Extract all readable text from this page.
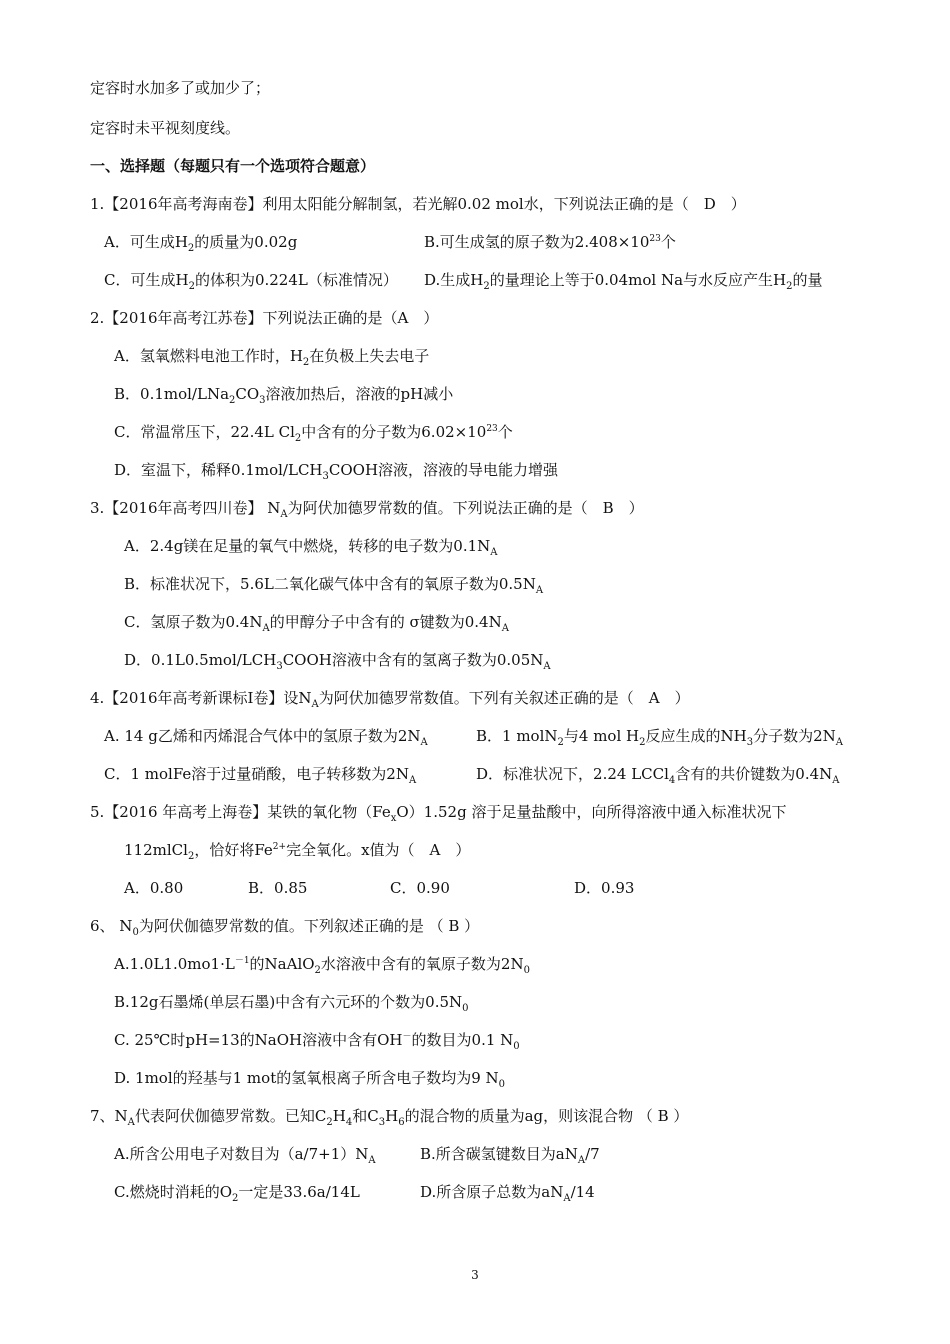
定容时水加多了或加少了；
定容时未平视刻度线。
一、选择题（每题只有一个选项符合题意）
1.【2016年高考海南卷】利用太阳能分解制氢，若光解0.02 mol水，下列说法正确的是（　D　）
A．可生成$H_2$的质量为0.02g	B.可生成氢的原子数为$2.408\times 10^{23}$个
C．可生成$H_2$的体积为0.224L（标准情况） D.生成$H_2$的量理论上等于0.04mol Na与水反应产生$H_2$的量
2.【2016年高考江苏卷】下列说法正确的是（A　）
A．氢氧燃料电池工作时，$H_2$在负极上失去电子
B．$0.1mol/LNa_2CO_3$溶液加热后，溶液的pH减小
C．常温常压下，22.4L $Cl_2$中含有的分子数为$6.02\times 10^{23}$个
D．室温下，稀释$0.1mol/LCH_3COOH$溶液，溶液的导电能力增强
3.【2016年高考四川卷】 $N_A$为阿伏加德罗常数的值。下列说法正确的是（　B　）
A．2.4g镁在足量的氧气中燃烧，转移的电子数为$0.1N_A$
B．标准状况下，5.6L二氧化碳气体中含有的氧原子数为$0.5N_A$
C．氢原子数为$0.4N_A$的甲醇分子中含有的 σ键数为$0.4N_A$
D．$0.1L0.5mol/LCH_3COOH$溶液中含有的氢离子数为$0.05N_A$
4.【2016年高考新课标Ⅰ卷】设$N_A$为阿伏加德罗常数值。下列有关叙述正确的是（　A　）
A. 14 g乙烯和丙烯混合气体中的氢原子数为$2N_A$	B．1 molN$_2$与4 mol $H_2$反应生成的$NH_3$分子数为$2N_A$
C．1 molFe溶于过量硝酸，电子转移数为$2N_A$	D．标准状况下，2.24 LCCl$_4$含有的共价键数为$0.4N_A$
5.【2016 年高考上海卷】某铁的氧化物$(Fe_xO)1.52g$ 溶于足量盐酸中，向所得溶液中通入标准状况下
112mlCl$_2$，恰好将$Fe^{2+}$完全氧化。x值为（　A　）
A．0.80	B．0.85	C．0.90	D．0.93
6、 $N_0$为阿伏伽德罗常数的值。下列叙述正确的是 （ B ）
$A.1.0L1.0mo1\cdot L^{-1}$的NaAlO$_2$水溶液中含有的氧原子数为$2N_0$
B.12g石墨烯(单层石墨)中含有六元环的个数为$0.5N_0$
C. 25℃时pH=13的NaOH溶液中含有OH－的数目为0.1 $N_0$
D. 1mol的羟基与1 mot的氢氧根离子所含电子数均为9 $N_0$
7、$N_A$代表阿伏伽德罗常数。已知$C_2H_4$和$C_3H_6$的混合物的质量为ag，则该混合物 （ B ）
A.所含公用电子对数目为$(a/7+1)N_A$	B.所含碳氢键数目为$aN_A/7$
C.燃烧时消耗的$O_2$一定是33.6a/14L	D.所含原子总数为$aN_A/14$
3
